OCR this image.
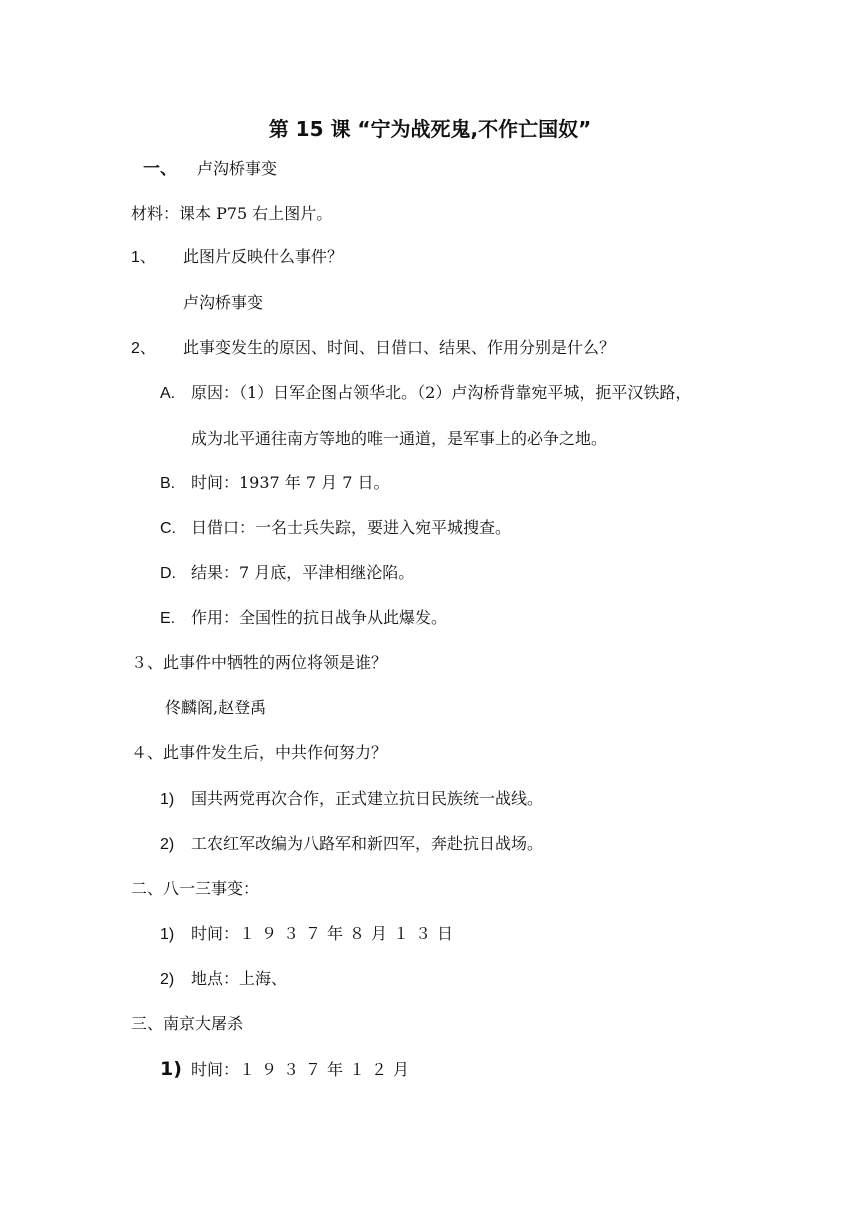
第 15 课 “宁为战死鬼,不作亡国奴”
一、 卢沟桥事变
材料：课本 P75 右上图片。
1、 此图片反映什么事件？
卢沟桥事变
2、 此事变发生的原因、时间、日借口、结果、作用分别是什么？
A. 原因：（1）日军企图占领华北。（2）卢沟桥背靠宛平城，扼平汉铁路，
成为北平通往南方等地的唯一通道，是军事上的必争之地。
B. 时间：1937 年 7 月 7 日。
C. 日借口：一名士兵失踪，要进入宛平城搜查。
D. 结果：7 月底，平津相继沦陷。
E. 作用：全国性的抗日战争从此爆发。
３、此事件中牺牲的两位将领是谁？
佟麟阁,赵登禹
４、此事件发生后，中共作何努力？
1) 国共两党再次合作，正式建立抗日民族统一战线。
2) 工农红军改编为八路军和新四军，奔赴抗日战场。
二、八一三事变：
1) 时间：１９３７年８月１３日
2) 地点：上海、
三、南京大屠杀
1) 时间：１９３７年１２月
